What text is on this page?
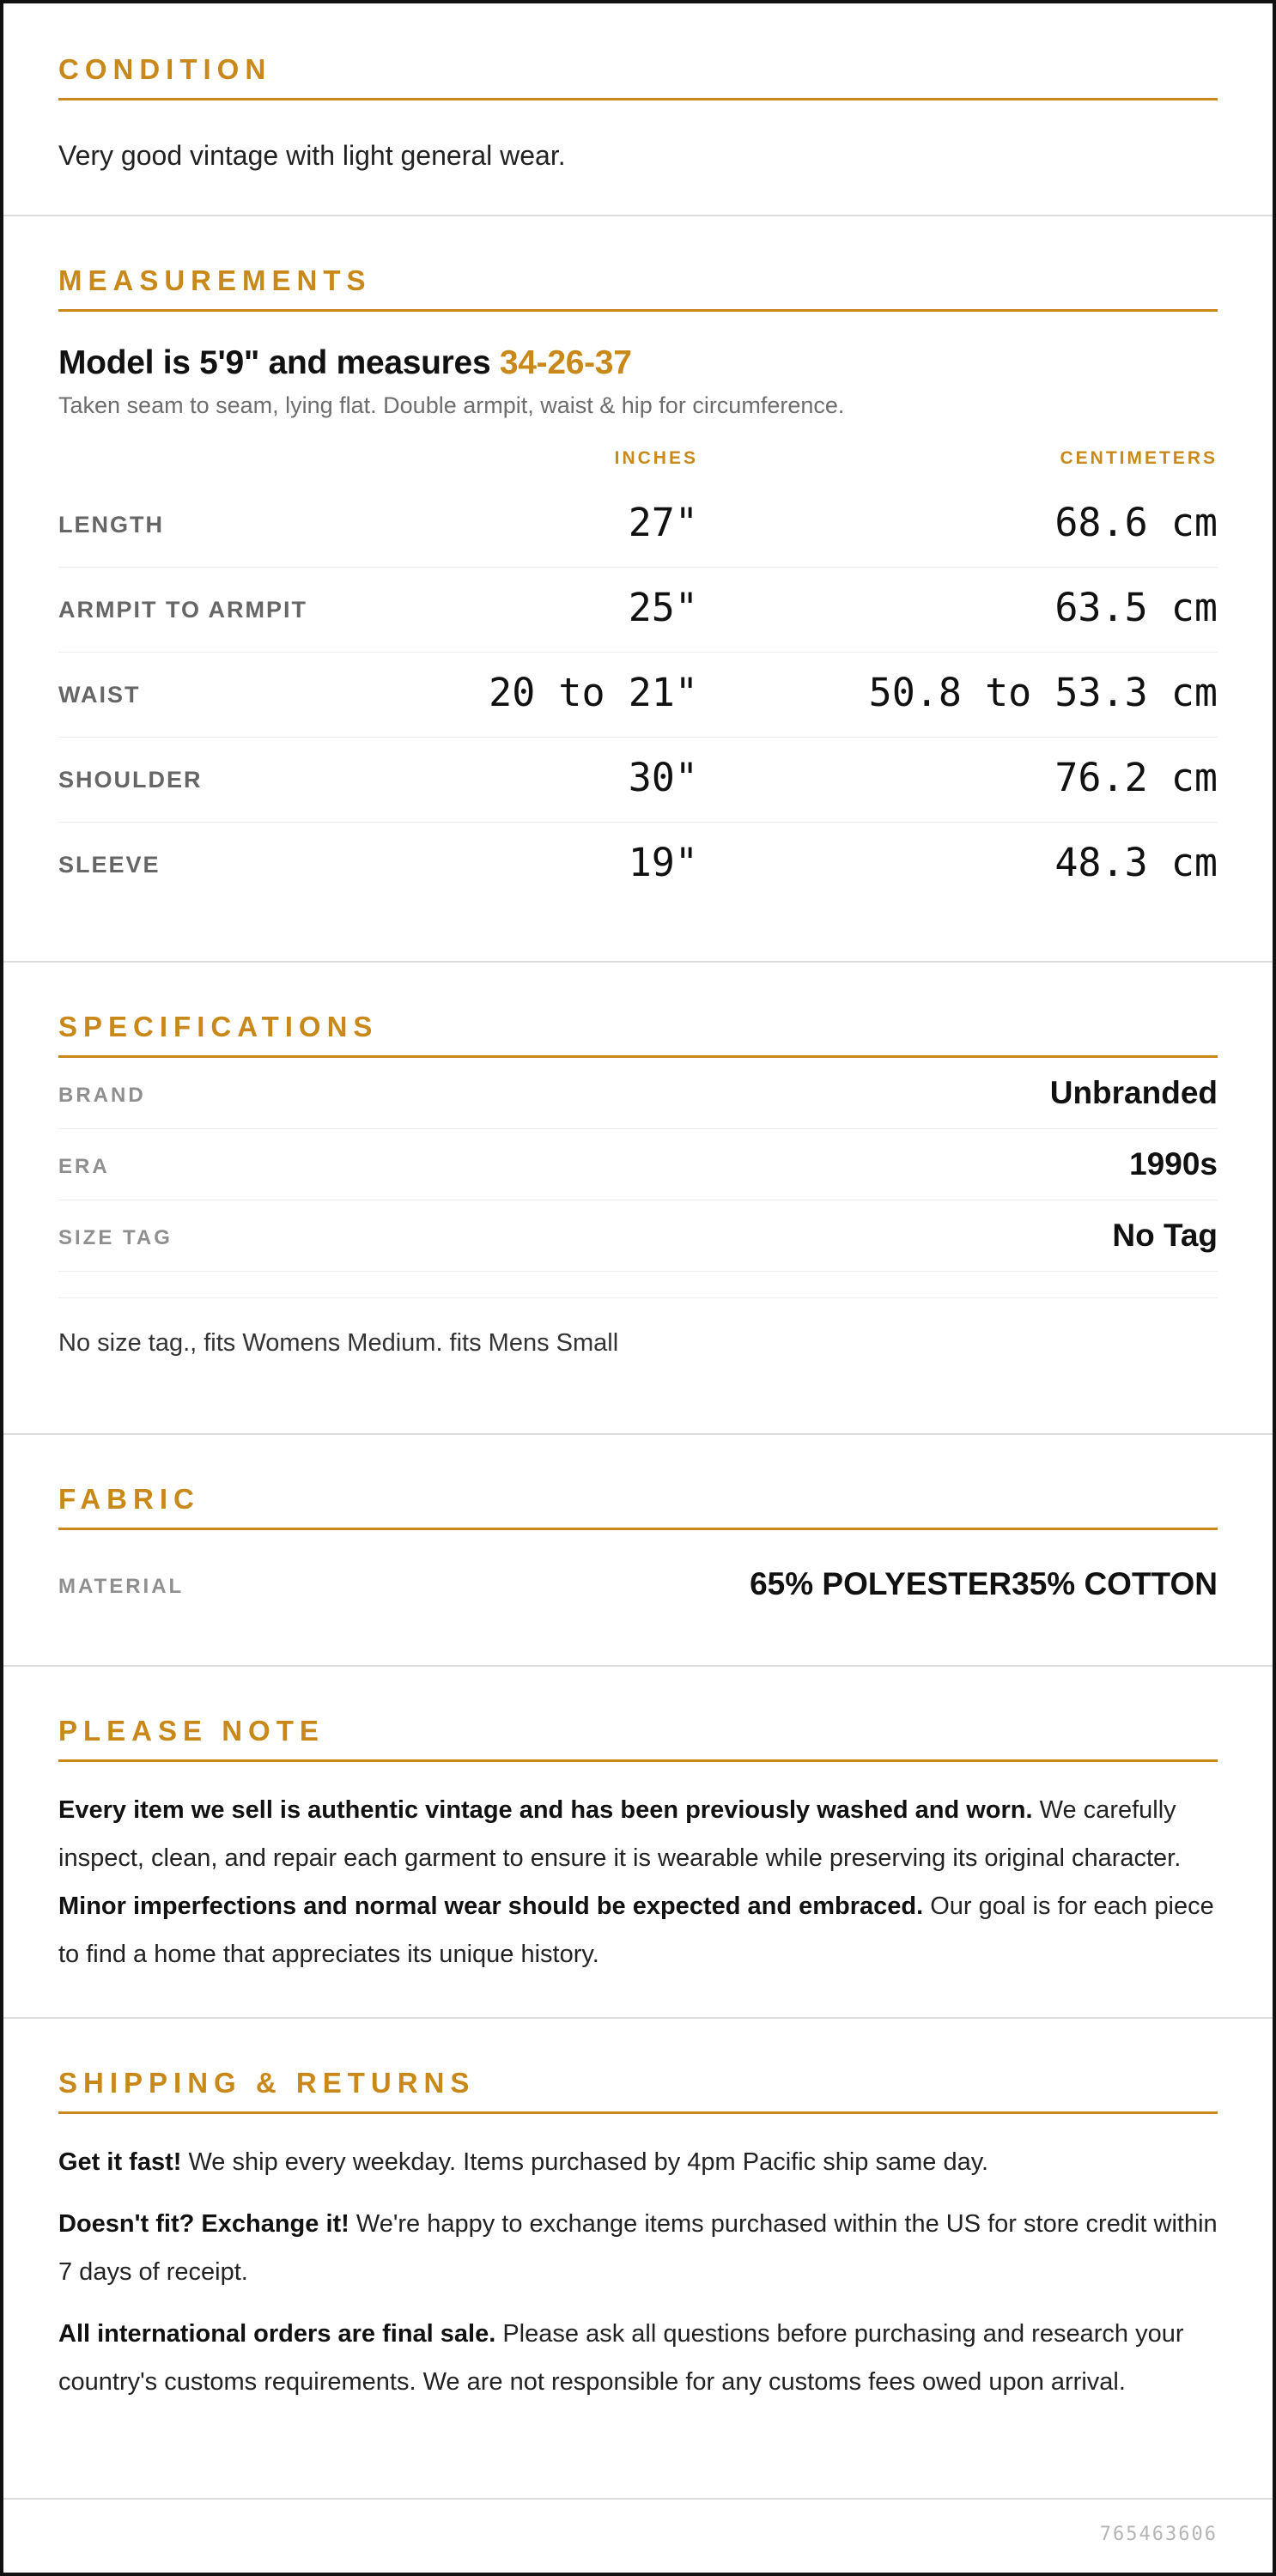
CONDITION
Very good vintage with light general wear.
MEASUREMENTS
Model is 5'9" and measures 34-26-37
Taken seam to seam, lying flat. Double armpit, waist & hip for circumference.
INCHES	CENTIMETERS
LENGTH	27"	68.6 cm
ARMPIT TO ARMPIT	25"	63.5 cm
WAIST	20 to 21"	50.8 to 53.3 cm
SHOULDER	30"	76.2 cm
SLEEVE	19"	48.3 cm
SPECIFICATIONS
BRAND	Unbranded
ERA	1990s
SIZE TAG	No Tag
No size tag., fits Womens Medium. fits Mens Small
FABRIC
MATERIAL	65% POLYESTER35% COTTON
PLEASE NOTE
Every item we sell is authentic vintage and has been previously washed and worn. We carefully inspect, clean, and repair each garment to ensure it is wearable while preserving its original character. Minor imperfections and normal wear should be expected and embraced. Our goal is for each piece to find a home that appreciates its unique history.
SHIPPING & RETURNS

Get it fast! We ship every weekday. Items purchased by 4pm Pacific ship same day.

Doesn't fit? Exchange it! We're happy to exchange items purchased within the US for store credit within 7 days of receipt.

All international orders are final sale. Please ask all questions before purchasing and research your country's customs requirements. We are not responsible for any customs fees owed upon arrival.

765463606
